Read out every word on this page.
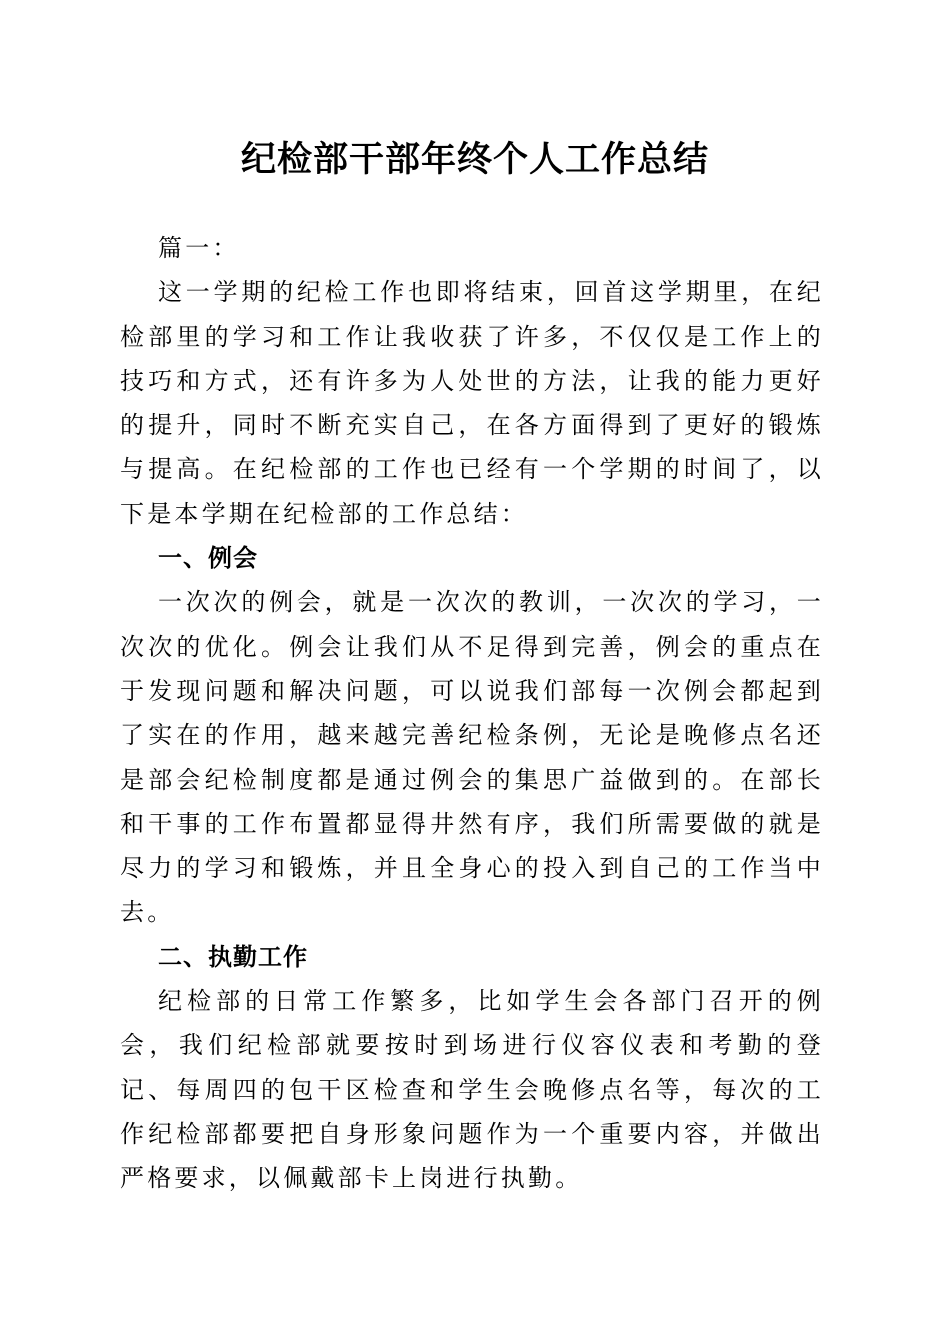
纪检部干部年终个人工作总结

篇一：

这一学期的纪检工作也即将结束，回首这学期里，在纪检部里的学习和工作让我收获了许多，不仅仅是工作上的技巧和方式，还有许多为人处世的方法，让我的能力更好的提升，同时不断充实自己，在各方面得到了更好的锻炼与提高。在纪检部的工作也已经有一个学期的时间了，以下是本学期在纪检部的工作总结：

一、例会

一次次的例会，就是一次次的教训，一次次的学习，一次次的优化。例会让我们从不足得到完善，例会的重点在于发现问题和解决问题，可以说我们部每一次例会都起到了实在的作用，越来越完善纪检条例，无论是晚修点名还是部会纪检制度都是通过例会的集思广益做到的。在部长和干事的工作布置都显得井然有序，我们所需要做的就是尽力的学习和锻炼，并且全身心的投入到自己的工作当中去。

二、执勤工作

纪检部的日常工作繁多，比如学生会各部门召开的例会，我们纪检部就要按时到场进行仪容仪表和考勤的登记、每周四的包干区检查和学生会晚修点名等，每次的工作纪检部都要把自身形象问题作为一个重要内容，并做出严格要求，以佩戴部卡上岗进行执勤。
